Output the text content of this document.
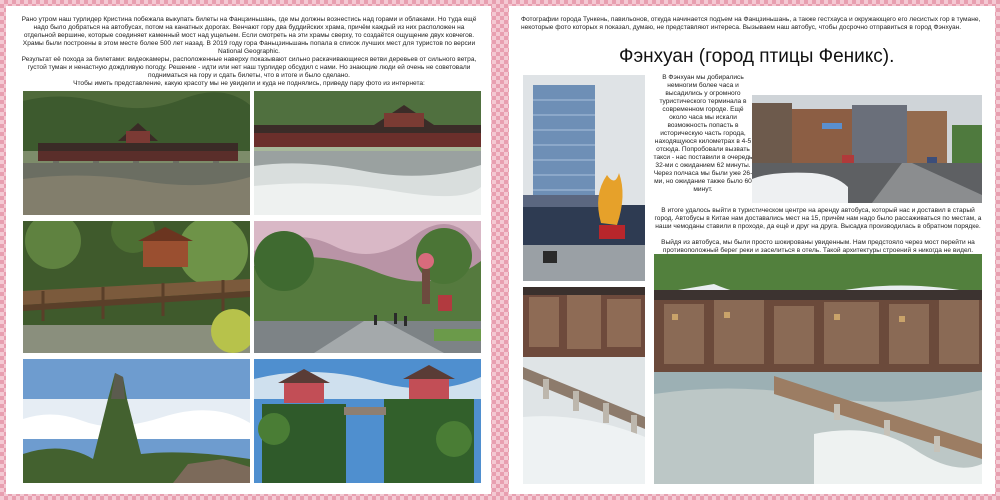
Рано утром наш турлидер Кристина побежала выкупать билеты на Фанцзиньшань, где мы должны вознестись над горами и облаками. Но туда ещё надо было добраться на автобусах, потом на канатных дорогах. Венчают гору два буддийских храма, причём каждый из них расположен на отдельной вершине, которые соединяет каменный мост над ущельем. Если смотреть на эти храмы сверху, то создаётся ощущение двух ковчегов. Храмы были построены в этом месте более 500 лет назад. В 2019 году гора Фаньцзиньшань попала в список лучших мест для туристов по версии National Geographic.

Результат её похода за билетами: видеокамеры, расположенные наверху показывают сильно раскачивающиеся ветви деревьев от сильного ветра, густой туман и ненастную дождливую погоду. Решение - идти или нет наш турлидер обсудил с нами. Но знающие люди ей очень не советовали подниматься на гору и сдать билеты, что в итоге и было сделано.

Чтобы иметь представление, какую красоту мы не увидели и куда не поднялись, приведу пару фото из интернета:

Фотографии города Тункень, павильонов, откуда начинается подъем на Фанцзиньшань, а также гестхауса и окружающего его лесистых гор в тумане, некоторые фото которых я показал, думаю, не представляют интереса. Вызываем наш автобус, чтобы досрочно отправиться в город Фэнхуан.

Фэнхуан (город птицы Феникс).

В Фэнхуан мы добирались немногим более часа и высадились у огромного туристического терминала в современном городе. Ещё около часа мы искали возможность попасть в историческую часть города, находящуюся километрах в 4-5 отсюда. Попробовали вызвать такси - нас поставили в очередь 32-ми с ожиданием 62 минуты. Через полчаса мы были уже 26-ми, но ожидание также было 60 минут.

В итоге удалось выйти в туристическом центре на аренду автобуса, который нас и доставил в старый город. Автобусы в Китае нам доставались мест на 15, причём нам надо было рассаживаться по местам, а наши чемоданы ставили в проходе, да ещё и друг на друга. Высадка производилась в обратном порядке.

Выйдя из автобуса, мы были просто шокированы увиденным. Нам предстояло через мост перейти на противоположный берег реки и заселиться в отель. Такой архитектуры строений я никогда не видел.
